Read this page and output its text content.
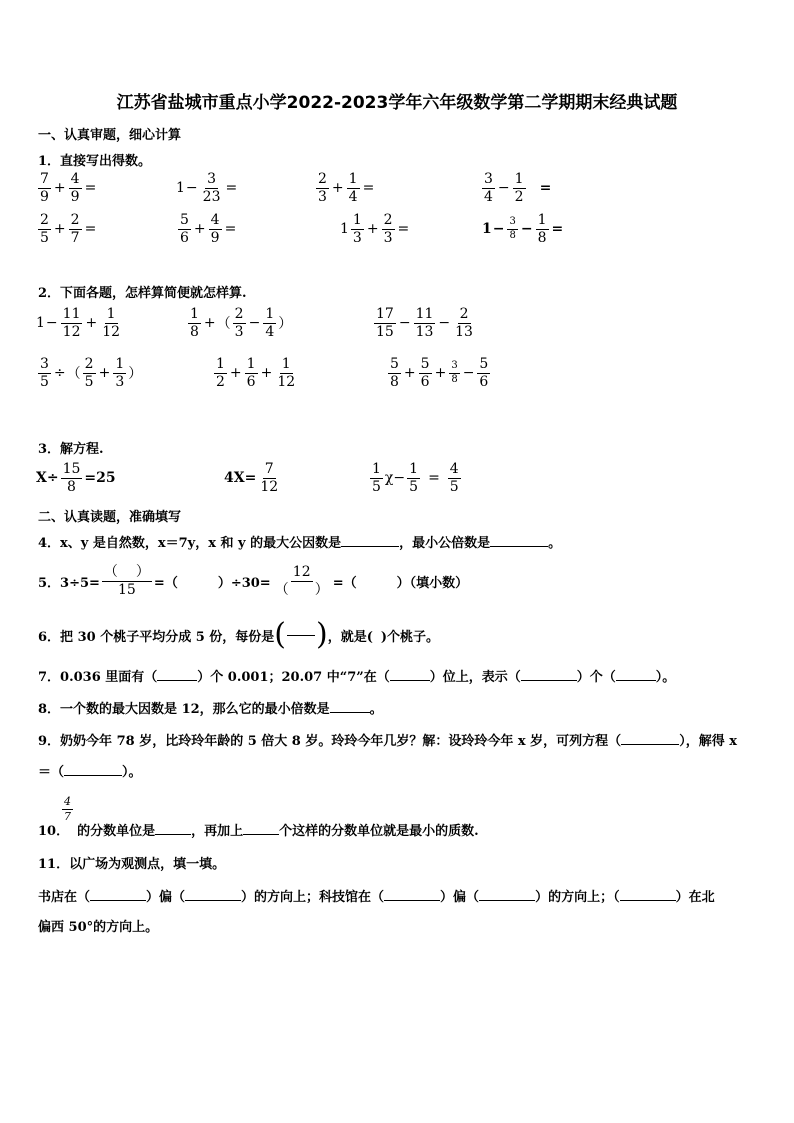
江苏省盐城市重点小学2022-2023学年六年级数学第二学期期末经典试题
一、认真审题，细心计算
1．直接写出得数。
$\frac{7}{9} + \frac{4}{9}$ =	$1 - \frac{3}{23}$ =	$\frac{2}{3} + \frac{1}{4}$ =	$\frac{3}{4} - \frac{1}{2}$ =
$\frac{2}{5} + \frac{2}{7}$ =	$\frac{5}{6} + \frac{4}{9}$ =	$1 \frac{1}{3} + \frac{2}{3}$ =	$1 - \frac{3}{8} - \frac{1}{8}$ =
2．下面各题，怎样算简便就怎样算.
$1 - \frac{11}{12} + \frac{1}{12}$	$\frac{1}{8}$ + （ $\frac{2}{3} - \frac{1}{4}$ ）	$\frac{17}{15} - \frac{11}{13} - \frac{2}{13}$
$\frac{3}{5}$ ÷ （ $\frac{2}{5} + \frac{1}{3}$ ）	$\frac{1}{2} + \frac{1}{6} + \frac{1}{12}$	$\frac{5}{8} + \frac{5}{6} + \frac{3}{8} - \frac{5}{6}$
3．解方程.
$X\div \frac{15}{8} =25$	$4X= \frac{7}{12}$	$\frac{1}{5} \chi- \frac{1}{5} = \frac{4}{5}$
二、认真读题，准确填写
4．x、y 是自然数，x＝7y，x 和 y 的最大公因数是	，最小公倍数是	。
5．$3\div 5= \frac{( )}{15}$ =（	）$\div 30= \frac{12}{( )}$ =（	）（填小数）
6．把 30 个桃子平均分成 5 份，每份是 ( ) ，就是( )个桃子。
7．0.036 里面有（	）个 0.001；20.07 中“7”在（	）位上，表示（	）个（	）。
8．一个数的最大因数是 12，那么它的最小倍数是	。
9．奶奶今年 78 岁，比玲玲年龄的 5 倍大 8 岁。玲玲今年几岁？解：设玲玲今年 x 岁，可列方程（	），解得 x
＝（	）。
$\frac{4}{7}$
10． 的分数单位是	，再加上	个这样的分数单位就是最小的质数.
11．以广场为观测点，填一填。
书店在（	）偏（	）的方向上；科技馆在（	）偏（	）的方向上；（	）在北
偏西 50°的方向上。
